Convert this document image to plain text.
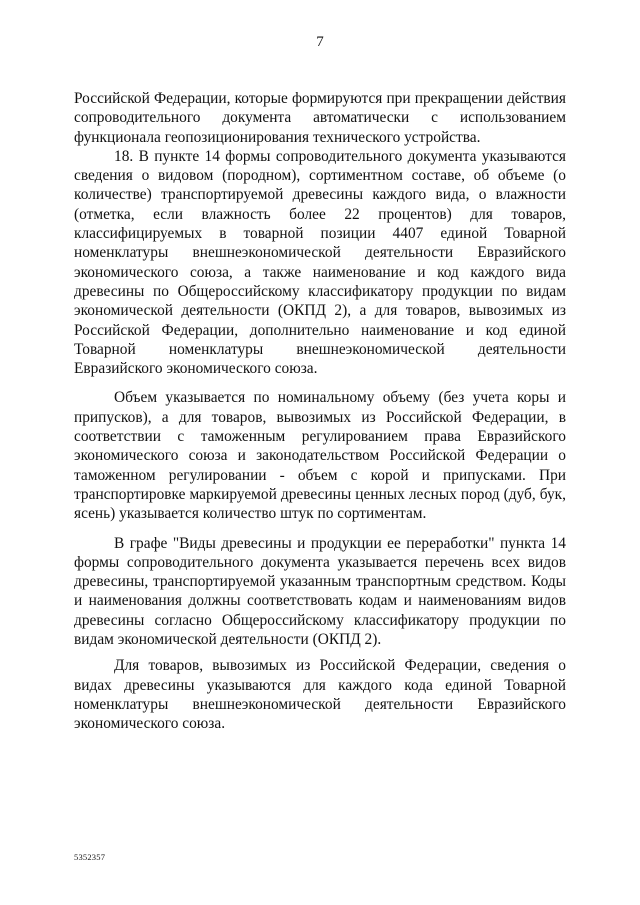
7

Российской Федерации, которые формируются при прекращении действия сопроводительного документа автоматически с использованием функционала геопозиционирования технического устройства.

18. В пункте 14 формы сопроводительного документа указываются сведения о видовом (породном), сортиментном составе, об объеме (о количестве) транспортируемой древесины каждого вида, о влажности (отметка, если влажность более 22 процентов) для товаров, классифицируемых в товарной позиции 4407 единой Товарной номенклатуры внешнеэкономической деятельности Евразийского экономического союза, а также наименование и код каждого вида древесины по Общероссийскому классификатору продукции по видам экономической деятельности (ОКПД 2), а для товаров, вывозимых из Российской Федерации, дополнительно наименование и код единой Товарной номенклатуры внешнеэкономической деятельности Евразийского экономического союза.

Объем указывается по номинальному объему (без учета коры и припусков), а для товаров, вывозимых из Российской Федерации, в соответствии с таможенным регулированием права Евразийского экономического союза и законодательством Российской Федерации о таможенном регулировании - объем с корой и припусками. При транспортировке маркируемой древесины ценных лесных пород (дуб, бук, ясень) указывается количество штук по сортиментам.

В графе "Виды древесины и продукции ее переработки" пункта 14 формы сопроводительного документа указывается перечень всех видов древесины, транспортируемой указанным транспортным средством. Коды и наименования должны соответствовать кодам и наименованиям видов древесины согласно Общероссийскому классификатору продукции по видам экономической деятельности (ОКПД 2).

Для товаров, вывозимых из Российской Федерации, сведения о видах древесины указываются для каждого кода единой Товарной номенклатуры внешнеэкономической деятельности Евразийского экономического союза.

5352357
